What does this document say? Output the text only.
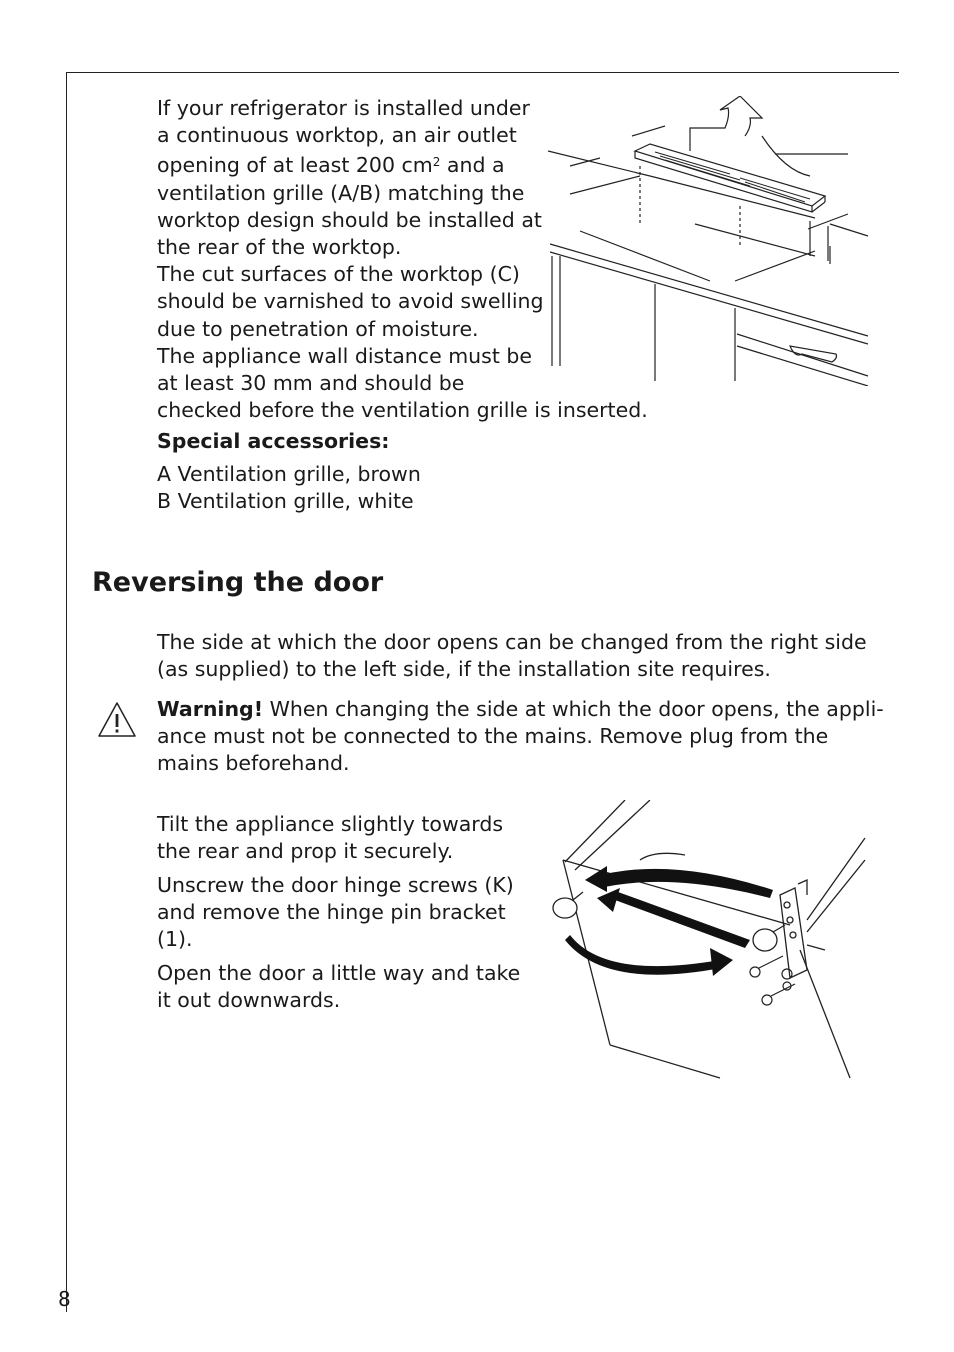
If your refrigerator is installed under
a continuous worktop, an air outlet
opening of at least 200 $cm^2$ and a
ventilation grille (A/B) matching the
worktop design should be installed at
the rear of the worktop.
The cut surfaces of the worktop (C)
should be varnished to avoid swelling
due to penetration of moisture.
The appliance wall distance must be
at least 30 mm and should be
checked before the ventilation grille is inserted.
Special accessories:
A Ventilation grille, brown
B Ventilation grille, white
Reversing the door
The side at which the door opens can be changed from the right side
(as supplied) to the left side, if the installation site requires.
Warning! When changing the side at which the door opens, the appli-
ance must not be connected to the mains. Remove plug from the
mains beforehand.
Tilt the appliance slightly towards
the rear and prop it securely.
Unscrew the door hinge screws (K)
and remove the hinge pin bracket
(1).
Open the door a little way and take
it out downwards.
8
